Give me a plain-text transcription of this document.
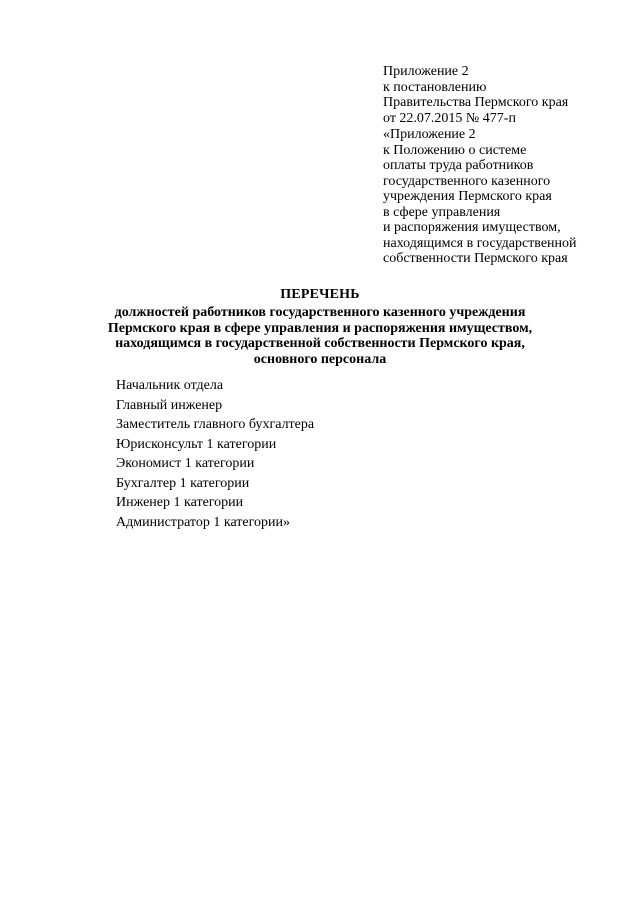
Приложение 2
к постановлению
Правительства Пермского края
от 22.07.2015 № 477-п
«Приложение 2
к Положению о системе
оплаты труда работников
государственного казенного
учреждения Пермского края
в сфере управления
и распоряжения имуществом,
находящимся в государственной
собственности Пермского края
ПЕРЕЧЕНЬ
должностей работников государственного казенного учреждения
Пермского края в сфере управления и распоряжения имуществом,
находящимся в государственной собственности Пермского края,
основного персонала
Начальник отдела
Главный инженер
Заместитель главного бухгалтера
Юрисконсульт 1 категории
Экономист 1 категории
Бухгалтер 1 категории
Инженер 1 категории
Администратор 1 категории»
